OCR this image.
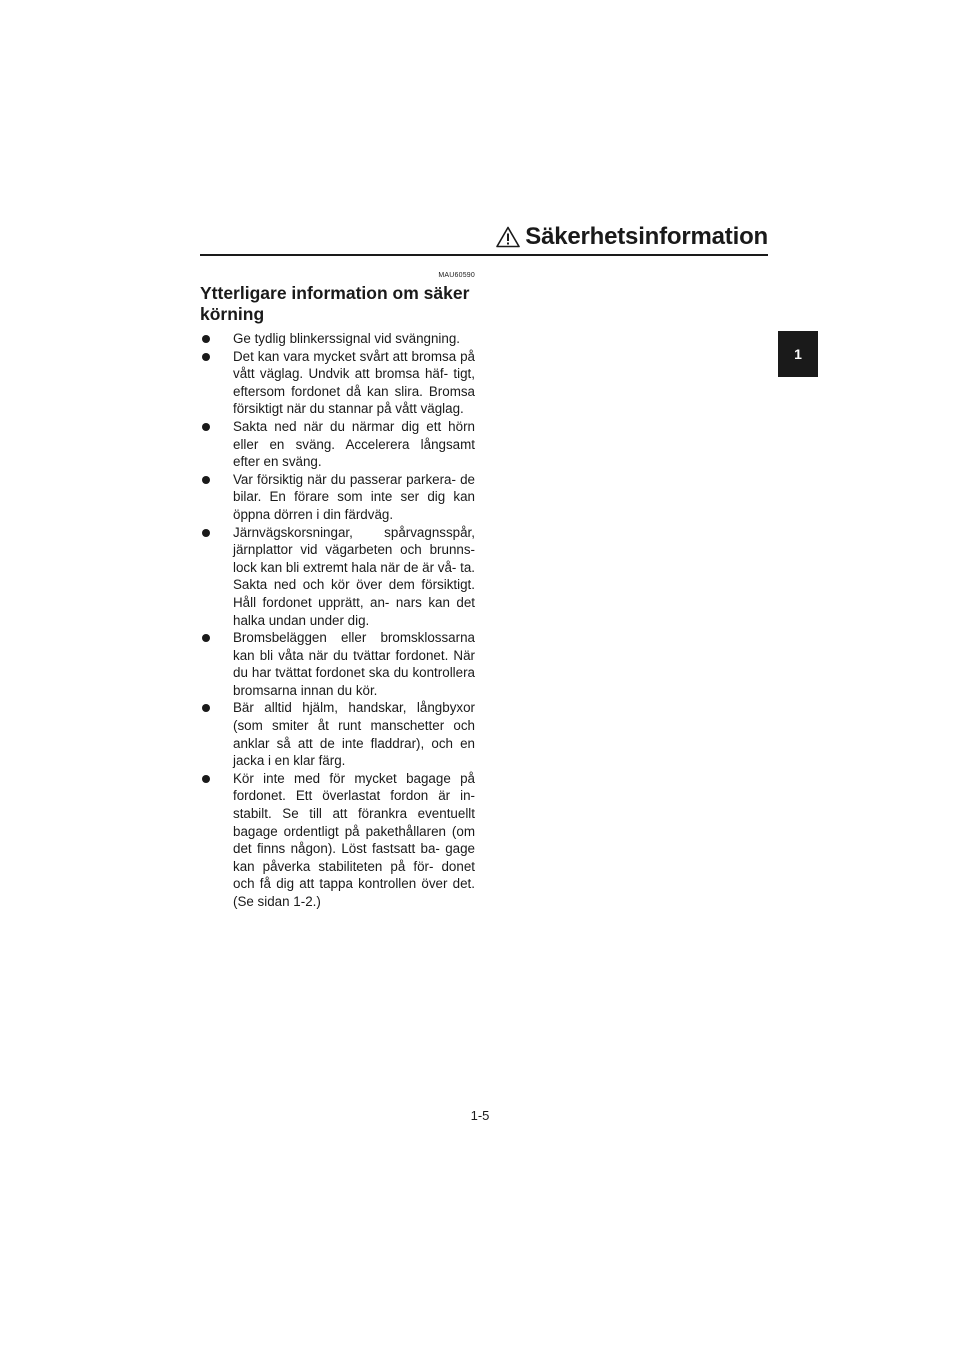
Säkerhetsinformation
1
MAU60590
Ytterligare information om säker körning
Ge tydlig blinkerssignal vid svängning.
Det kan vara mycket svårt att bromsa på vått väglag. Undvik att bromsa häf- tigt, eftersom fordonet då kan slira. Bromsa försiktigt när du stannar på vått väglag.
Sakta ned när du närmar dig ett hörn eller en sväng. Accelerera långsamt efter en sväng.
Var försiktig när du passerar parkera- de bilar. En förare som inte ser dig kan öppna dörren i din färdväg.
Järnvägskorsningar, spårvagnsspår, järnplattor vid vägarbeten och brunns- lock kan bli extremt hala när de är vå- ta. Sakta ned och kör över dem försiktigt. Håll fordonet upprätt, an- nars kan det halka undan under dig.
Bromsbeläggen eller bromsklossarna kan bli våta när du tvättar fordonet. När du har tvättat fordonet ska du kontrollera bromsarna innan du kör.
Bär alltid hjälm, handskar, långbyxor (som smiter åt runt manschetter och anklar så att de inte fladdrar), och en jacka i en klar färg.
Kör inte med för mycket bagage på fordonet. Ett överlastat fordon är in- stabilt. Se till att förankra eventuellt bagage ordentligt på pakethållaren (om det finns någon). Löst fastsatt ba- gage kan påverka stabiliteten på för- donet och få dig att tappa kontrollen över det. (Se sidan 1-2.)
1-5
